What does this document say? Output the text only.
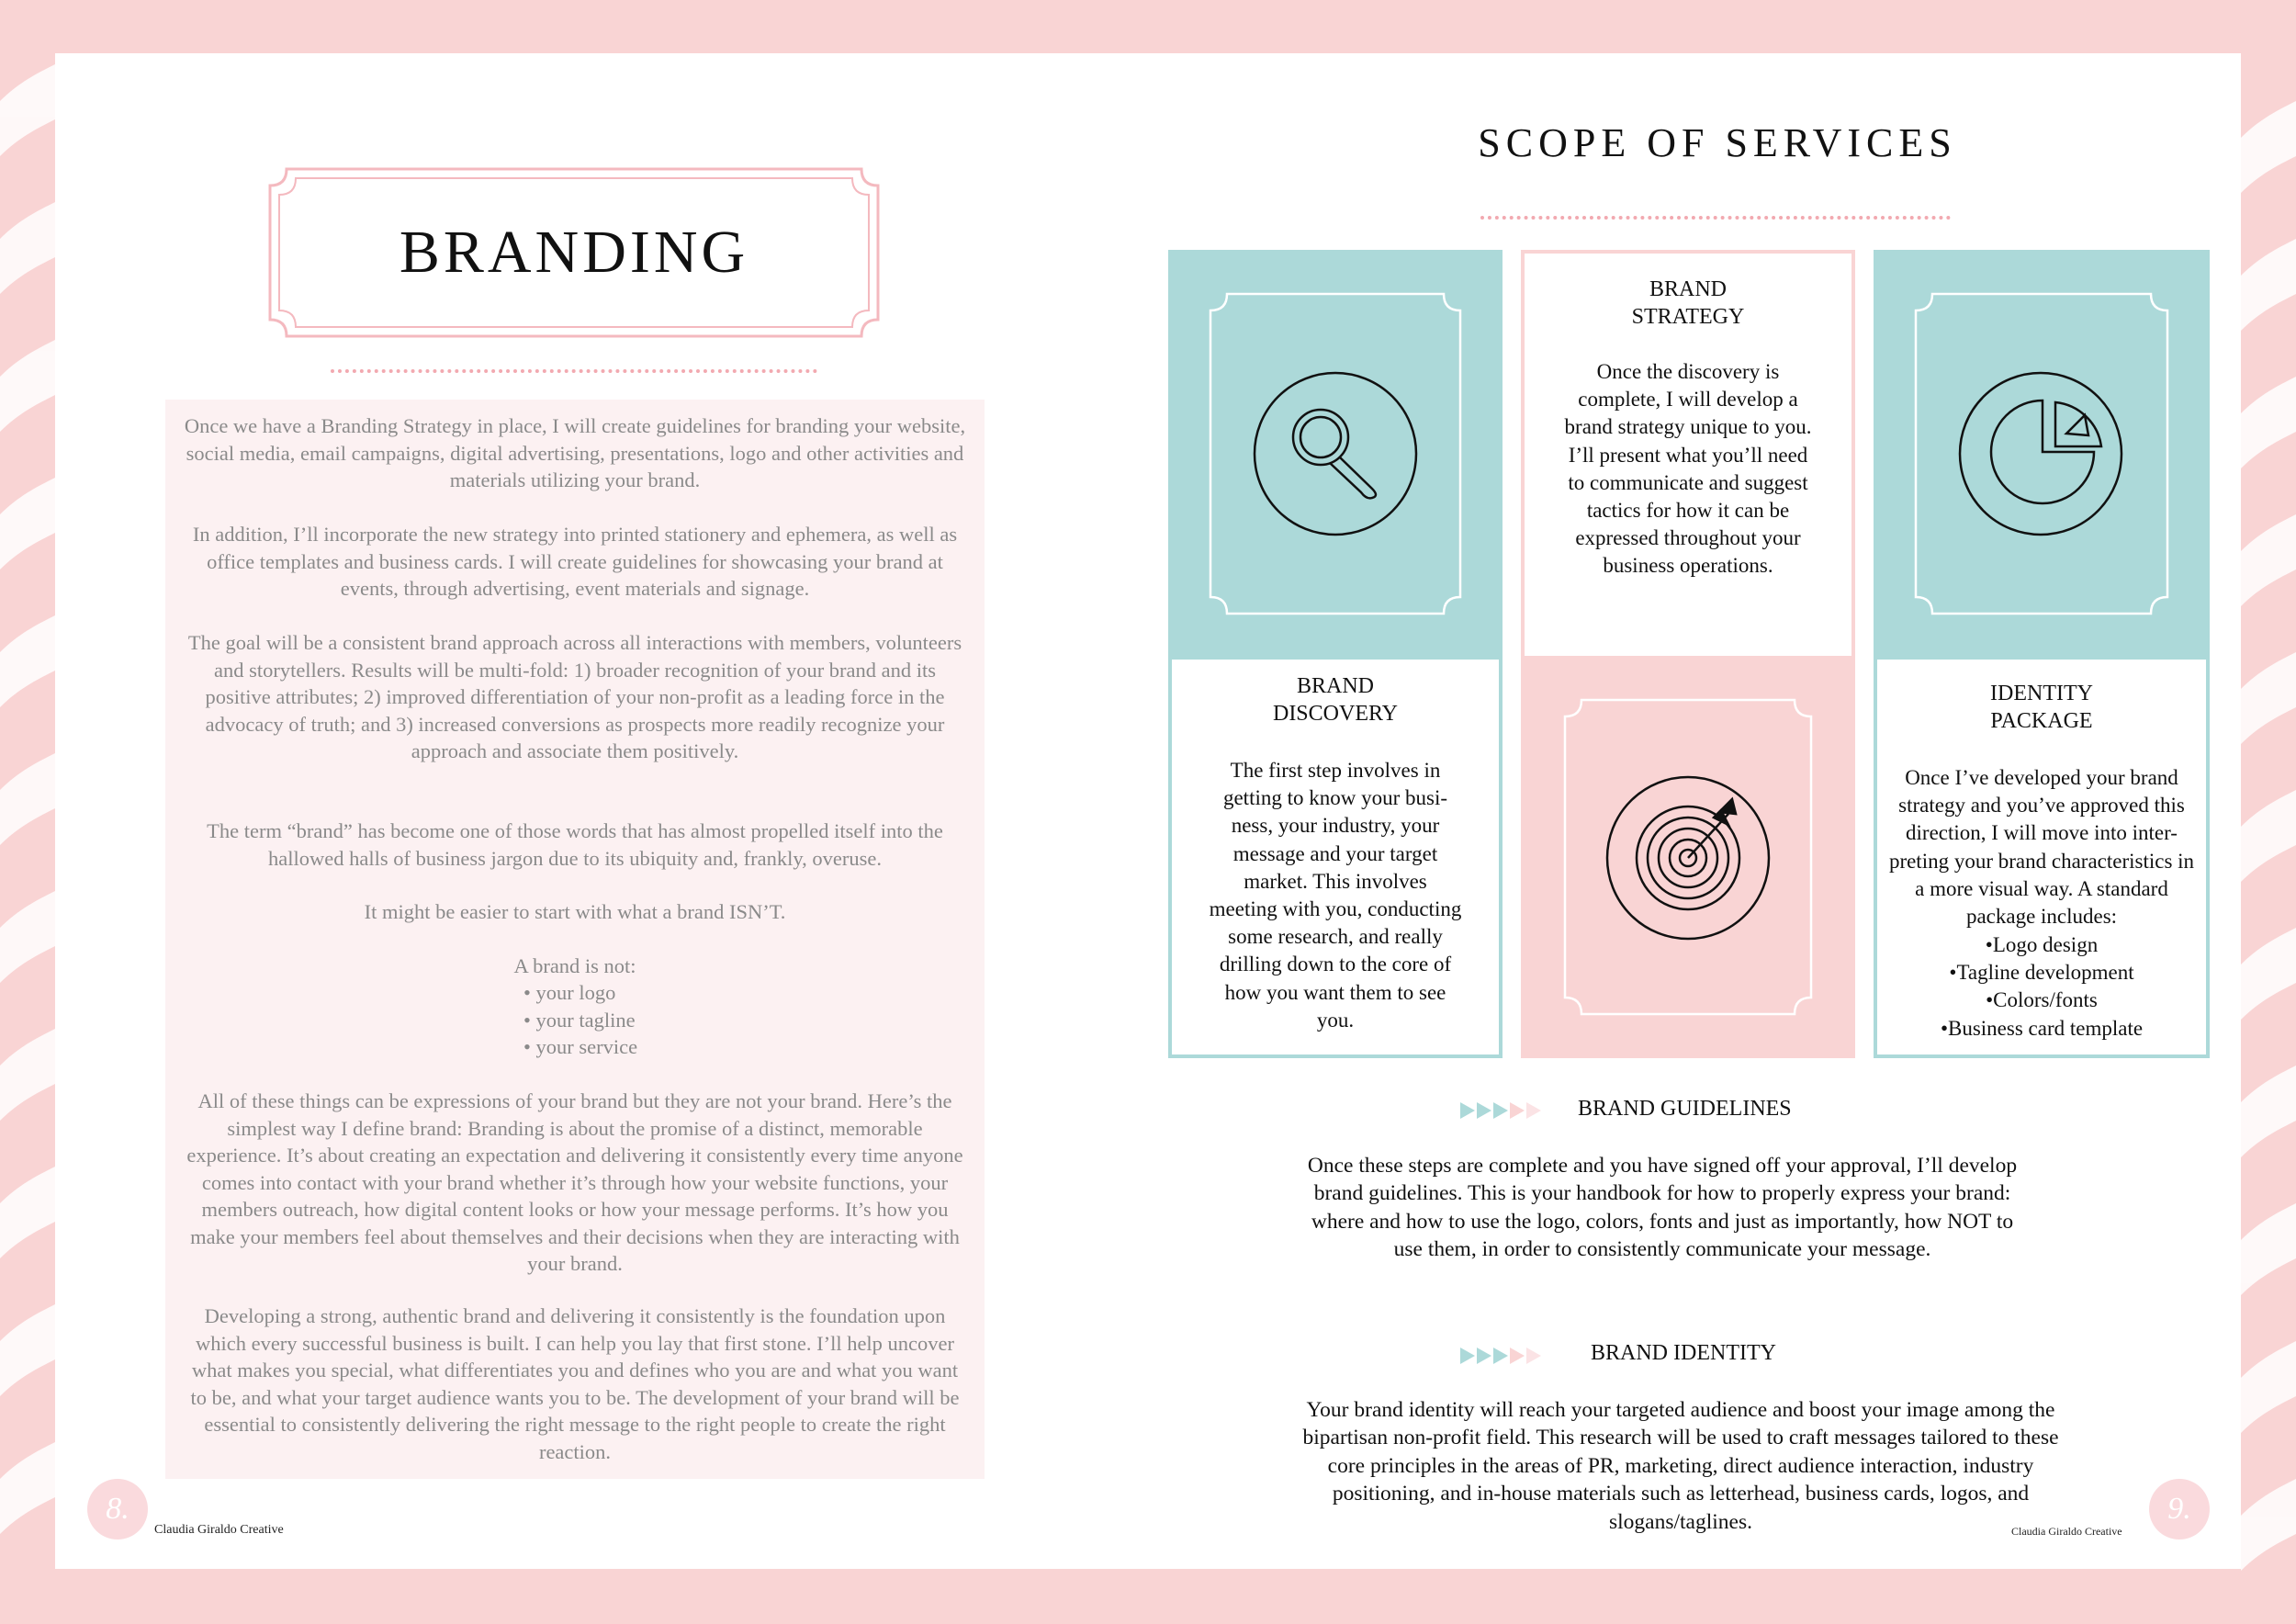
BRANDING

Once we have a Branding Strategy in place, I will create guidelines for branding your website, social media, email campaigns, digital advertising, presentations, logo and other activities and materials utilizing your brand.

In addition, I’ll incorporate the new strategy into printed stationery and ephemera, as well as office templates and business cards. I will create guidelines for showcasing your brand at events, through advertising, event materials and signage.

The goal will be a consistent brand approach across all interactions with members, volunteers and storytellers. Results will be multi-fold: 1) broader recognition of your brand and its positive attributes; 2) improved differentiation of your non-profit as a leading force in the advocacy of truth; and 3) increased conversions as prospects more readily recognize your approach and associate them positively.

The term “brand” has become one of those words that has almost propelled itself into the hallowed halls of business jargon due to its ubiquity and, frankly, overuse.

It might be easier to start with what a brand ISN’T.

A brand is not:

• your logo
• your tagline
• your service

All of these things can be expressions of your brand but they are not your brand. Here’s the simplest way I define brand: Branding is about the promise of a distinct, memorable experience. It’s about creating an expectation and delivering it consistently every time anyone comes into contact with your brand whether it’s through how your website functions, your members outreach, how digital content looks or how your message performs. It’s how you make your members feel about themselves and their decisions when they are interacting with your brand.

Developing a strong, authentic brand and delivering it consistently is the foundation upon which every successful business is built. I can help you lay that first stone. I’ll help uncover what makes you special, what differentiates you and defines who you are and what you want to be, and what your target audience wants you to be. The development of your brand will be essential to consistently delivering the right message to the right people to create the right reaction.

8.
Claudia Giraldo Creative
SCOPE OF SERVICES

BRAND
DISCOVERY

The first step involves in getting to know your busi-ness, your industry, your message and your target market. This involves meeting with you, conducting some research, and really drilling down to the core of how you want them to see you.

BRAND
STRATEGY

Once the discovery is complete, I will develop a brand strategy unique to you. I’ll present what you’ll need to communicate and suggest tactics for how it can be expressed throughout your business operations.

IDENTITY
PACKAGE

Once I’ve developed your brand strategy and you’ve approved this direction, I will move into inter-preting your brand characteristics in a more visual way. A standard package includes:

•Logo design
•Tagline development
•Colors/fonts
•Business card template
BRAND GUIDELINES

Once these steps are complete and you have signed off your approval, I’ll develop brand guidelines. This is your handbook for how to properly express your brand: where and how to use the logo, colors, fonts and just as importantly, how NOT to use them, in order to consistently communicate your message.

BRAND IDENTITY

Your brand identity will reach your targeted audience and boost your image among the bipartisan non-profit field. This research will be used to craft messages tailored to these core principles in the areas of PR, marketing, direct audience interaction, industry positioning, and in-house materials such as letterhead, business cards, logos, and slogans/taglines.	9.
Claudia Giraldo Creative
